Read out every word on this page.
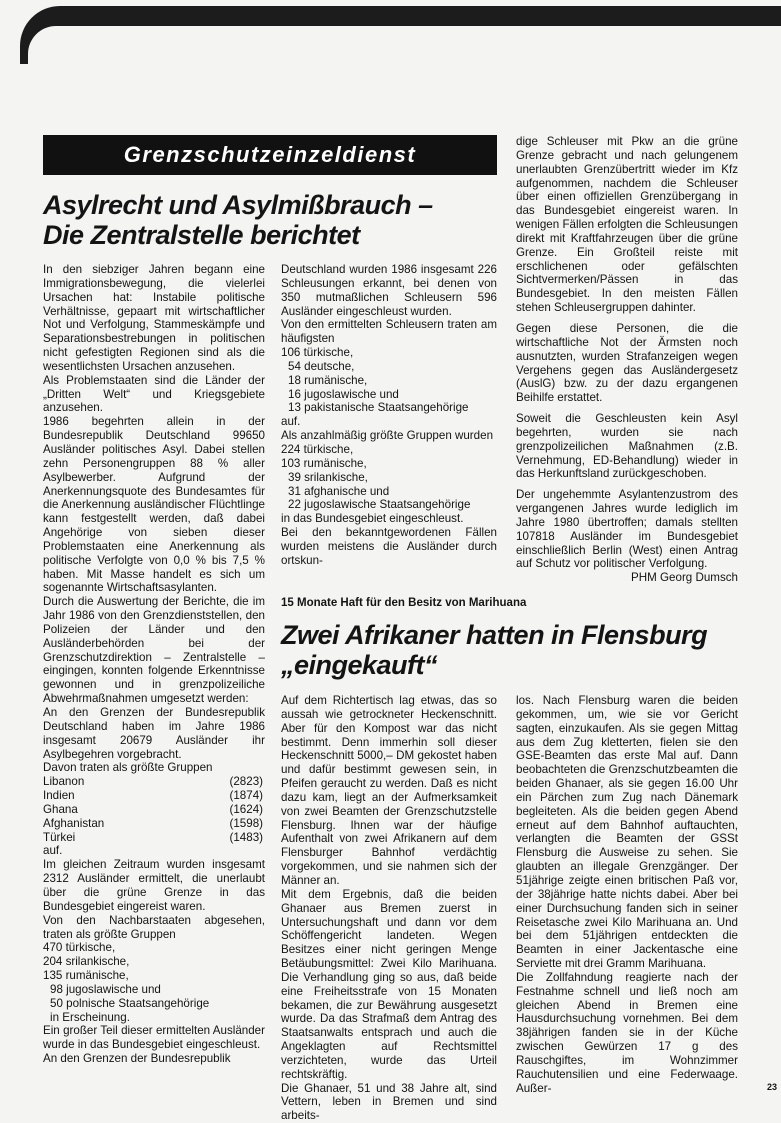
Grenzschutzeinzeldienst

Asylrecht und Asylmißbrauch –

Die Zentralstelle berichtet

In den siebziger Jahren begann eine Immigrationsbewegung, die vielerlei Ursachen hat: Instabile politische Verhältnisse, gepaart mit wirtschaftlicher Not und Verfolgung, Stammeskämpfe und Separationsbestrebungen in politischen nicht gefestigten Regionen sind als die wesentlichsten Ursachen anzusehen.

Als Problemstaaten sind die Länder der „Dritten Welt“ und Kriegsgebiete anzusehen.

1986 begehrten allein in der Bundesrepublik Deutschland 99650 Ausländer politisches Asyl. Dabei stellen zehn Personengruppen 88 % aller Asylbewerber. Aufgrund der Anerkennungsquote des Bundesamtes für die Anerkennung ausländischer Flüchtlinge kann festgestellt werden, daß dabei Angehörige von sieben dieser Problemstaaten eine Anerkennung als politische Verfolgte von 0,0 % bis 7,5 % haben. Mit Masse handelt es sich um sogenannte Wirtschaftsasylanten.

Durch die Auswertung der Berichte, die im Jahr 1986 von den Grenzdienststellen, den Polizeien der Länder und den Ausländerbehörden bei der Grenzschutzdirektion – Zentralstelle – eingingen, konnten folgende Erkenntnisse gewonnen und in grenzpolizeiliche Abwehrmaßnahmen umgesetzt werden:

An den Grenzen der Bundesrepublik Deutschland haben im Jahre 1986 insgesamt 20679 Ausländer ihr Asylbegehren vorgebracht.

Davon traten als größte Gruppen

Libanon	(2823)
Indien	(1874)
Ghana	(1624)
Afghanistan	(1598)
Türkei	(1483)

auf.

Im gleichen Zeitraum wurden insgesamt 2312 Ausländer ermittelt, die unerlaubt über die grüne Grenze in das Bundesgebiet eingereist waren.

Von den Nachbarstaaten abgesehen, traten als größte Gruppen

470 türkische,

204 srilankische,

135 rumänische,

98 jugoslawische und

50 polnische Staatsangehörige

in Erscheinung.

Ein großer Teil dieser ermittelten Ausländer wurde in das Bundesgebiet eingeschleust.

An den Grenzen der Bundesrepublik

Deutschland wurden 1986 insgesamt 226 Schleusungen erkannt, bei denen von 350 mutmaßlichen Schleusern 596 Ausländer eingeschleust wurden.

Von den ermittelten Schleusern traten am häufigsten

106 türkische,

54 deutsche,

18 rumänische,

16 jugoslawische und

13 pakistanische Staatsangehörige

auf.

Als anzahlmäßig größte Gruppen wurden

224 türkische,

103 rumänische,

39 srilankische,

31 afghanische und

22 jugoslawische Staatsangehörige

in das Bundesgebiet eingeschleust.

Bei den bekanntgewordenen Fällen wurden meistens die Ausländer durch ortskun-

dige Schleuser mit Pkw an die grüne Grenze gebracht und nach gelungenem unerlaubten Grenzübertritt wieder im Kfz aufgenommen, nachdem die Schleuser über einen offiziellen Grenzübergang in das Bundesgebiet eingereist waren. In wenigen Fällen erfolgten die Schleusungen direkt mit Kraftfahrzeugen über die grüne Grenze. Ein Großteil reiste mit erschlichenen oder gefälschten Sichtvermerken/Pässen in das Bundesgebiet. In den meisten Fällen stehen Schleusergruppen dahinter.

Gegen diese Personen, die die wirtschaftliche Not der Ärmsten noch ausnutzten, wurden Strafanzeigen wegen Vergehens gegen das Ausländergesetz (AuslG) bzw. zu der dazu ergangenen Beihilfe erstattet.

Soweit die Geschleusten kein Asyl begehrten, wurden sie nach grenzpolizeilichen Maßnahmen (z.B. Vernehmung, ED-Behandlung) wieder in das Herkunftsland zurückgeschoben.

Der ungehemmte Asylantenzustrom des vergangenen Jahres wurde lediglich im Jahre 1980 übertroffen; damals stellten 107818 Ausländer im Bundesgebiet einschließlich Berlin (West) einen Antrag auf Schutz vor politischer Verfolgung.

PHM Georg Dumsch

15 Monate Haft für den Besitz von Marihuana

Zwei Afrikaner hatten in Flensburg

„eingekauft“

Auf dem Richtertisch lag etwas, das so aussah wie getrockneter Heckenschnitt. Aber für den Kompost war das nicht bestimmt. Denn immerhin soll dieser Heckenschnitt 5000,– DM gekostet haben und dafür bestimmt gewesen sein, in Pfeifen geraucht zu werden. Daß es nicht dazu kam, liegt an der Aufmerksamkeit von zwei Beamten der Grenzschutzstelle Flensburg. Ihnen war der häufige Aufenthalt von zwei Afrikanern auf dem Flensburger Bahnhof verdächtig vorgekommen, und sie nahmen sich der Männer an.

Mit dem Ergebnis, daß die beiden Ghanaer aus Bremen zuerst in Untersuchungshaft und dann vor dem Schöffengericht landeten. Wegen Besitzes einer nicht geringen Menge Betäubungsmittel: Zwei Kilo Marihuana. Die Verhandlung ging so aus, daß beide eine Freiheitsstrafe von 15 Monaten bekamen, die zur Bewährung ausgesetzt wurde. Da das Strafmaß dem Antrag des Staatsanwalts entsprach und auch die Angeklagten auf Rechtsmittel verzichteten, wurde das Urteil rechtskräftig.

Die Ghanaer, 51 und 38 Jahre alt, sind Vettern, leben in Bremen und sind arbeits-

los. Nach Flensburg waren die beiden gekommen, um, wie sie vor Gericht sagten, einzukaufen. Als sie gegen Mittag aus dem Zug kletterten, fielen sie den GSE-Beamten das erste Mal auf. Dann beobachteten die Grenzschutzbeamten die beiden Ghanaer, als sie gegen 16.00 Uhr ein Pärchen zum Zug nach Dänemark begleiteten. Als die beiden gegen Abend erneut auf dem Bahnhof auftauchten, verlangten die Beamten der GSSt Flensburg die Ausweise zu sehen. Sie glaubten an illegale Grenzgänger. Der 51jährige zeigte einen britischen Paß vor, der 38jährige hatte nichts dabei. Aber bei einer Durchsuchung fanden sich in seiner Reisetasche zwei Kilo Marihuana an. Und bei dem 51jährigen entdeckten die Beamten in einer Jackentasche eine Serviette mit drei Gramm Marihuana.

Die Zollfahndung reagierte nach der Festnahme schnell und ließ noch am gleichen Abend in Bremen eine Hausdurchsuchung vornehmen. Bei dem 38jährigen fanden sie in der Küche zwischen Gewürzen 17 g des Rauschgiftes, im Wohnzimmer Rauchutensilien und eine Federwaage. Außer-	23
